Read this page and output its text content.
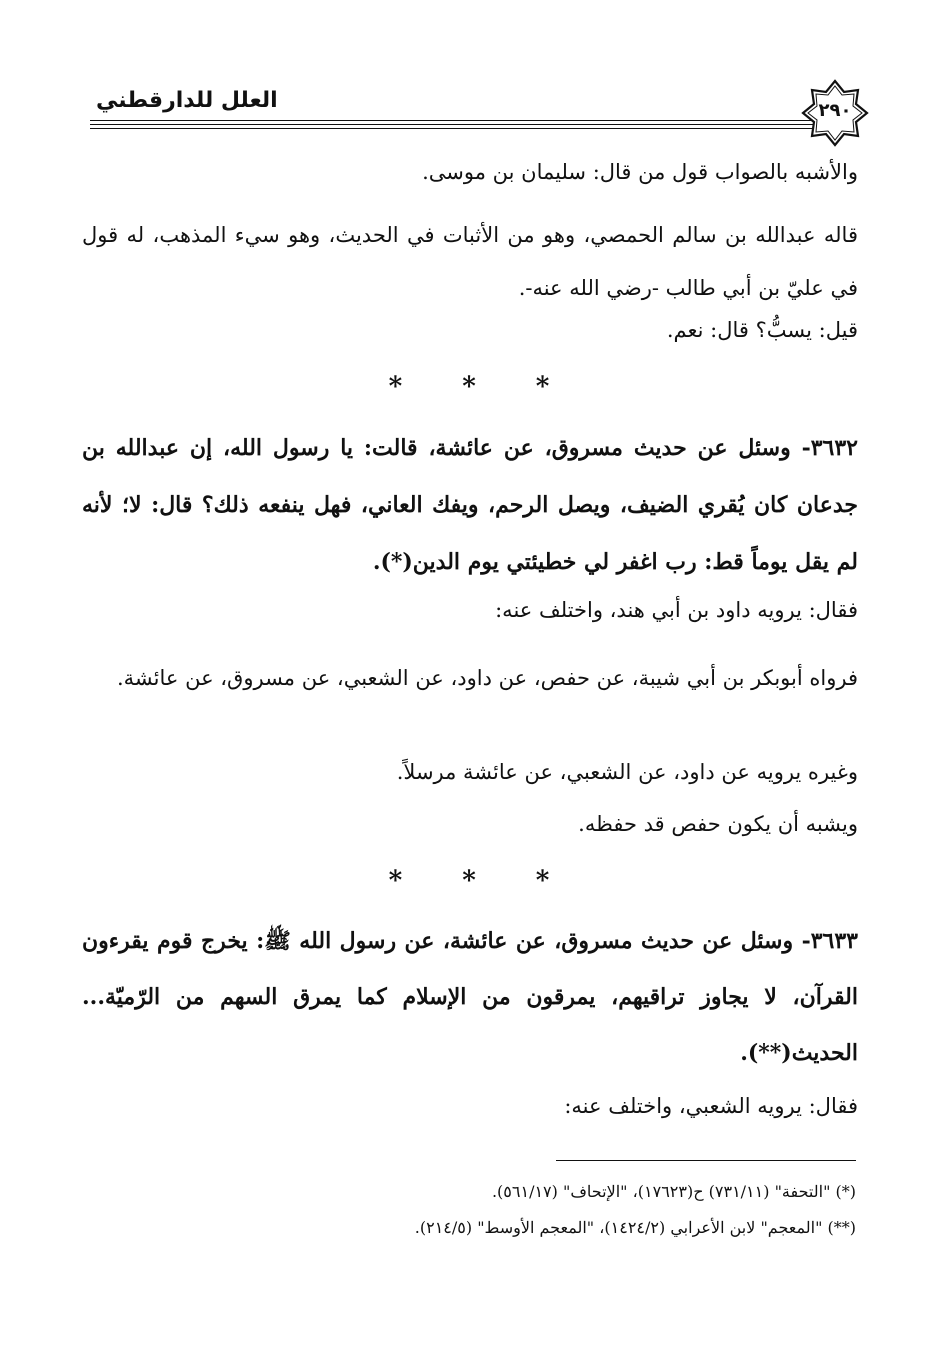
العلل للدارقطني	٢٩٠
والأشبه بالصواب قول من قال: سليمان بن موسى.
قاله عبدالله بن سالم الحمصي، وهو من الأثبات في الحديث، وهو سيء المذهب، له قول في عليّ بن أبي طالب -رضي الله عنه-.
قيل: يسبُّ؟ قال: نعم.
* * *
٣٦٣٢- وسئل عن حديث مسروق، عن عائشة، قالت: يا رسول الله، إن عبدالله بن جدعان كان يُقري الضيف، ويصل الرحم، ويفك العاني، فهل ينفعه ذلك؟ قال: لا؛ لأنه لم يقل يوماً قط: رب اغفر لي خطيئتي يوم الدين(*).
فقال: يرويه داود بن أبي هند، واختلف عنه:
فرواه أبوبكر بن أبي شيبة، عن حفص، عن داود، عن الشعبي، عن مسروق، عن عائشة.
وغيره يرويه عن داود، عن الشعبي، عن عائشة مرسلاً.
ويشبه أن يكون حفص قد حفظه.
* * *
٣٦٣٣- وسئل عن حديث مسروق، عن عائشة، عن رسول الله ﷺ: يخرج قوم يقرءون القرآن، لا يجاوز تراقيهم، يمرقون من الإسلام كما يمرق السهم من الرّميّة... الحديث(**).
فقال: يرويه الشعبي، واختلف عنه:
(*) "التحفة" (٧٣١/١١) ح(١٧٦٢٣)، "الإتحاف" (٥٦١/١٧).
(**) "المعجم" لابن الأعرابي (١٤٢٤/٢)، "المعجم الأوسط" (٢١٤/٥).
